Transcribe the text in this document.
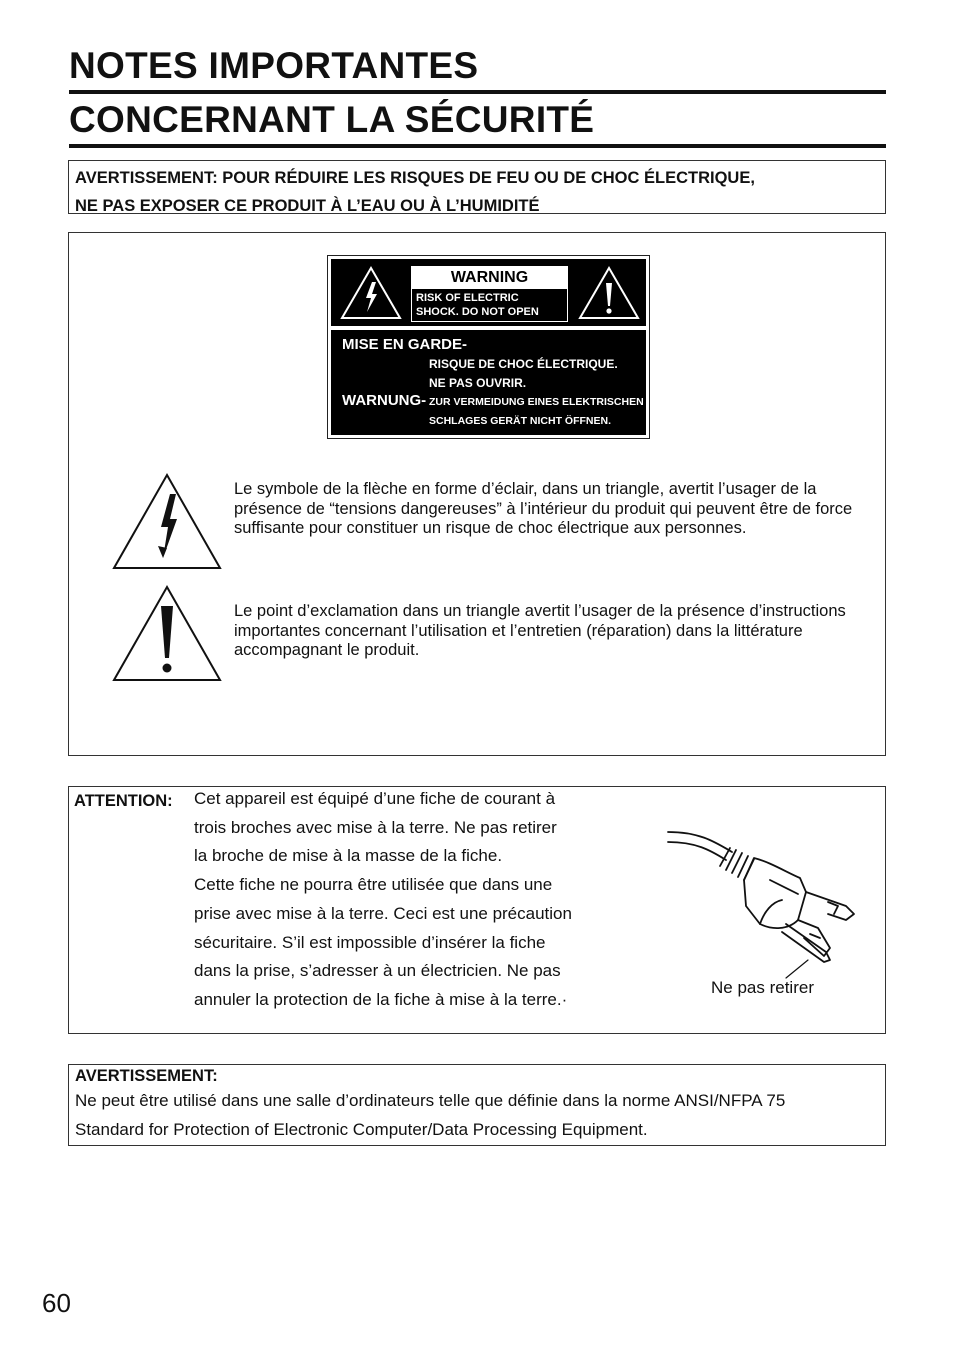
NOTES IMPORTANTES
CONCERNANT LA SÉCURITÉ
AVERTISSEMENT: POUR RÉDUIRE LES RISQUES DE FEU OU DE CHOC ÉLECTRIQUE,
NE PAS EXPOSER CE PRODUIT À L’EAU OU À L’HUMIDITÉ
WARNING
RISK OF ELECTRIC
SHOCK. DO NOT OPEN
MISE EN GARDE-
RISQUE DE CHOC ÉLECTRIQUE.
NE PAS OUVRIR.
WARNUNG- ZUR VERMEIDUNG EINES ELEKTRISCHEN
SCHLAGES GERÄT NICHT ÖFFNEN.
Le symbole de la flèche en forme d’éclair, dans un triangle, avertit l’usager de la présence de “tensions dangereuses” à l’intérieur du produit qui peuvent être de force suffisante pour constituer un risque de choc électrique aux personnes.
Le point d’exclamation dans un triangle avertit l’usager de la présence d’instructions importantes concernant l’utilisation et l’entretien (réparation) dans la littérature accompagnant le produit.
ATTENTION: Cet appareil est équipé d’une fiche de courant à
trois broches avec mise à la terre. Ne pas retirer
la broche de mise à la masse de la fiche.
Cette fiche ne pourra être utilisée que dans une
prise avec mise à la terre. Ceci est une précaution
sécuritaire. S’il est impossible d’insérer la fiche
dans la prise, s’adresser à un électricien. Ne pas
annuler la protection de la fiche à mise à la terre.·
Ne pas retirer
AVERTISSEMENT:
Ne peut être utilisé dans une salle d’ordinateurs telle que définie dans la norme ANSI/NFPA 75
Standard for Protection of Electronic Computer/Data Processing Equipment.
60
